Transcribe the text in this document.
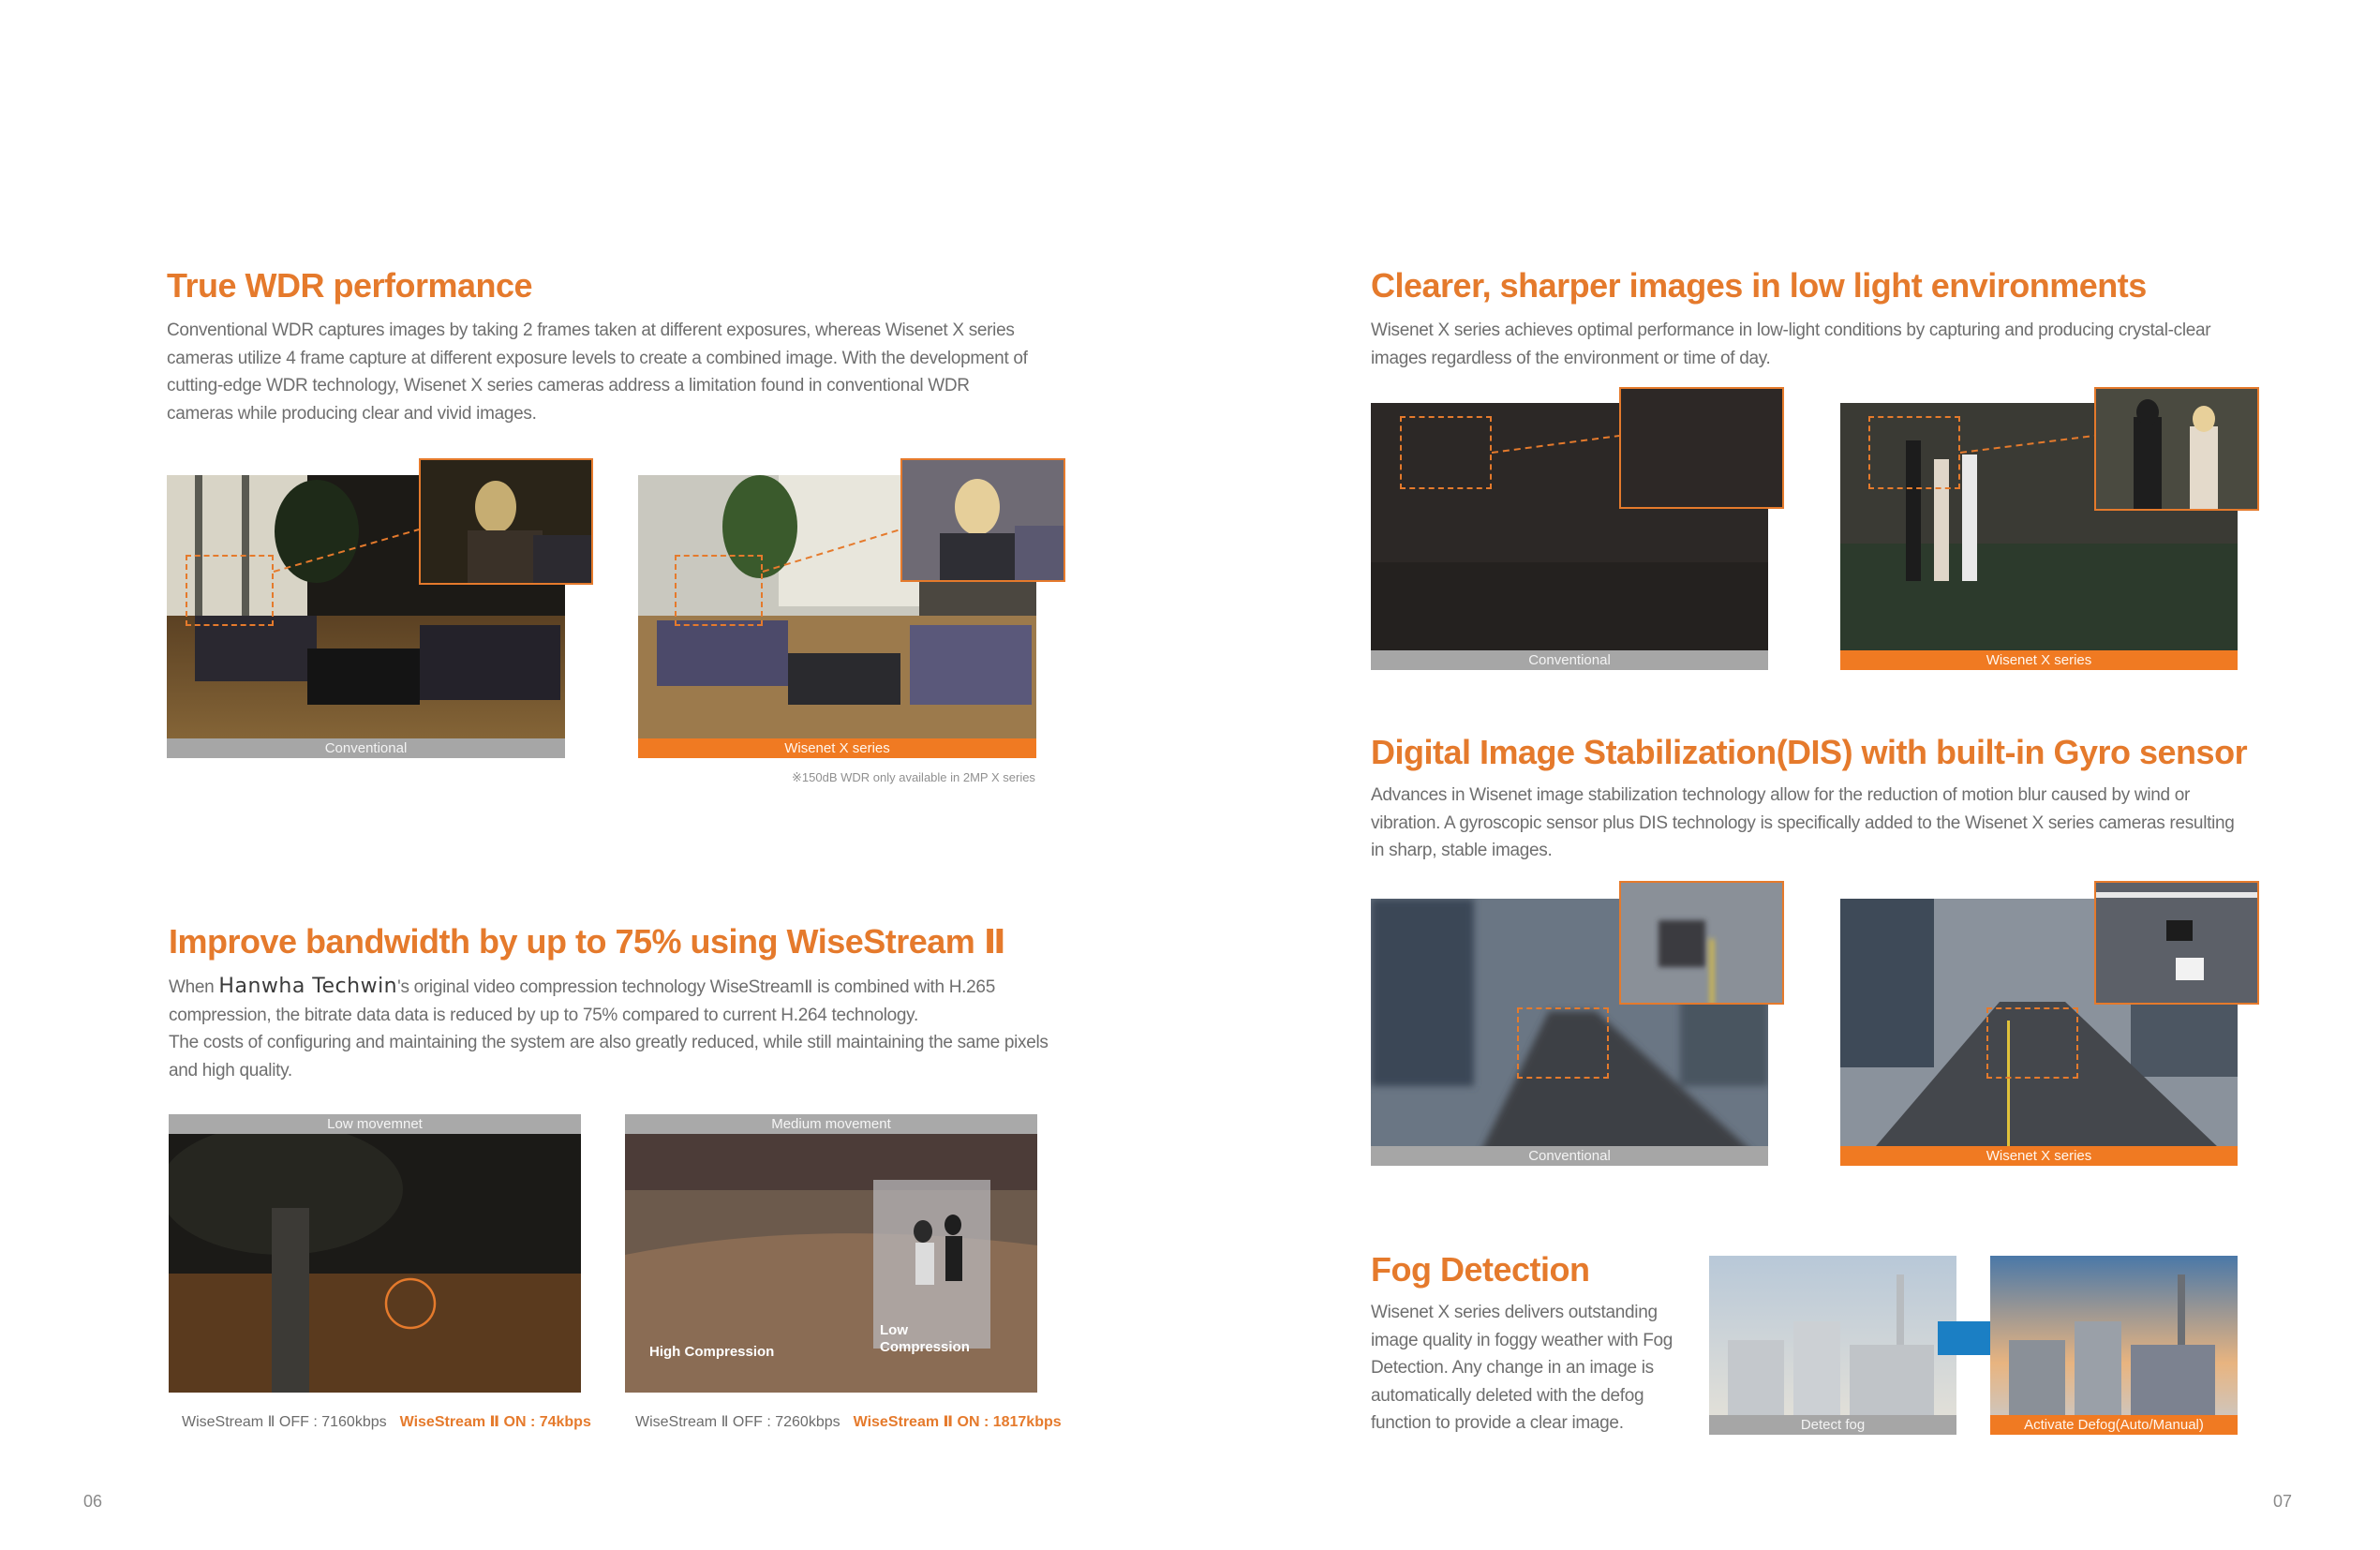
True WDR performance

Conventional WDR captures images by taking 2 frames taken at different exposures, whereas Wisenet X series cameras utilize 4 frame capture at different exposure levels to create a combined image. With the development of cutting-edge WDR technology, Wisenet X series cameras address a limitation found in conventional WDR cameras while producing clear and vivid images.

Conventional	Wisenet X series
※150dB WDR only available in 2MP X series
Improve bandwidth by up to 75% using WiseStream Ⅱ

When Hanwha Techwin's original video compression technology WiseStreamⅡ is combined with H.265 compression, the bitrate data data is reduced by up to 75% compared to current H.264 technology.

The costs of configuring and maintaining the system are also greatly reduced, while still maintaining the same pixels and high quality.

Low movemnet	Medium movement
High Compression
Low
Compression
WiseStream Ⅱ OFF : 7160kbps WiseStream Ⅱ ON : 74kbps	WiseStream Ⅱ OFF : 7260kbps WiseStream Ⅱ ON : 1817kbps
06
Clearer, sharper images in low light environments

Wisenet X series achieves optimal performance in low-light conditions by capturing and producing crystal-clear images regardless of the environment or time of day.

Conventional	Wisenet X series
Digital Image Stabilization(DIS) with built-in Gyro sensor

Advances in Wisenet image stabilization technology allow for the reduction of motion blur caused by wind or vibration. A gyroscopic sensor plus DIS technology is specifically added to the Wisenet X series cameras resulting in sharp, stable images.

Conventional	Wisenet X series
Fog Detection

Wisenet X series delivers outstanding image quality in foggy weather with Fog Detection. Any change in an image is automatically deleted with the defog function to provide a clear image.	Detect fog	Activate Defog(Auto/Manual)
07
